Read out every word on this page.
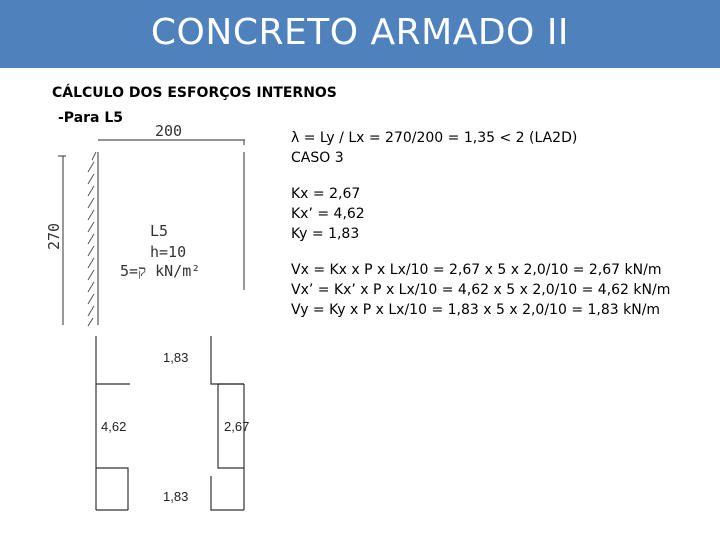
CONCRETO ARMADO II
CÁLCULO DOS ESFORÇOS INTERNOS
-Para L5
200
270	L5
h=10
ק=5 kN/m²
1,83
4,62	2,67
1,83
λ = Ly / Lx = 270/200 = 1,35 < 2 (LA2D)
CASO 3
Kx = 2,67
Kx’ = 4,62
Ky = 1,83
Vx = Kx x P x Lx/10 = 2,67 x 5 x 2,0/10 = 2,67 kN/m
Vx’ = Kx’ x P x Lx/10 = 4,62 x 5 x 2,0/10 = 4,62 kN/m
Vy = Ky x P x Lx/10 = 1,83 x 5 x 2,0/10 = 1,83 kN/m
